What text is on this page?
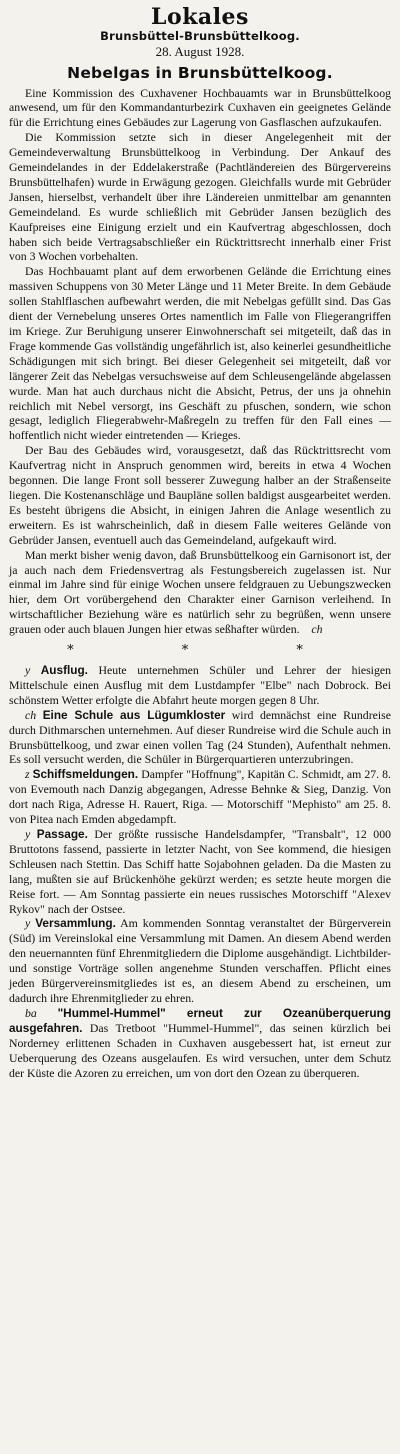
Lokales
Brunsbüttel-Brunsbüttelkoog.
28. August 1928.
Nebelgas in Brunsbüttelkoog.

Eine Kommission des Cuxhavener Hochbauamts war in Brunsbüttelkoog anwesend, um für den Kommandanturbezirk Cuxhaven ein geeignetes Gelände für die Errichtung eines Gebäudes zur Lagerung von Gasflaschen aufzukaufen.

Die Kommission setzte sich in dieser Angelegenheit mit der Gemeindeverwaltung Brunsbüttelkoog in Verbindung. Der Ankauf des Gemeindelandes in der Eddelakerstraße (Pachtländereien des Bürgervereins Brunsbüttelhafen) wurde in Erwägung gezogen. Gleichfalls wurde mit Gebrüder Jansen, hierselbst, verhandelt über ihre Ländereien unmittelbar am genannten Gemeindeland. Es wurde schließlich mit Gebrüder Jansen bezüglich des Kaufpreises eine Einigung erzielt und ein Kaufvertrag abgeschlossen, doch haben sich beide Vertragsabschließer ein Rücktrittsrecht innerhalb einer Frist von 3 Wochen vorbehalten.

Das Hochbauamt plant auf dem erworbenen Gelände die Errichtung eines massiven Schuppens von 30 Meter Länge und 11 Meter Breite. In dem Gebäude sollen Stahlflaschen aufbewahrt werden, die mit Nebelgas gefüllt sind. Das Gas dient der Vernebelung unseres Ortes namentlich im Falle von Fliegerangriffen im Kriege. Zur Beruhigung unserer Einwohnerschaft sei mitgeteilt, daß das in Frage kommende Gas vollständig ungefährlich ist, also keinerlei gesundheitliche Schädigungen mit sich bringt. Bei dieser Gelegenheit sei mitgeteilt, daß vor längerer Zeit das Nebelgas versuchsweise auf dem Schleusengelände abgelassen wurde. Man hat auch durchaus nicht die Absicht, Petrus, der uns ja ohnehin reichlich mit Nebel versorgt, ins Geschäft zu pfuschen, sondern, wie schon gesagt, lediglich Fliegerabwehr-Maßregeln zu treffen für den Fall eines — hoffentlich nicht wieder eintretenden — Krieges.

Der Bau des Gebäudes wird, vorausgesetzt, daß das Rücktrittsrecht vom Kaufvertrag nicht in Anspruch genommen wird, bereits in etwa 4 Wochen begonnen. Die lange Front soll besserer Zuwegung halber an der Straßenseite liegen. Die Kostenanschläge und Baupläne sollen baldigst ausgearbeitet werden. Es besteht übrigens die Absicht, in einigen Jahren die Anlage wesentlich zu erweitern. Es ist wahrscheinlich, daß in diesem Falle weiteres Gelände von Gebrüder Jansen, eventuell auch das Gemeindeland, aufgekauft wird.

Man merkt bisher wenig davon, daß Brunsbüttelkoog ein Garnisonort ist, der ja auch nach dem Friedensvertrag als Festungsbereich zugelassen ist. Nur einmal im Jahre sind für einige Wochen unsere feldgrauen zu Uebungszwecken hier, dem Ort vorübergehend den Charakter einer Garnison verleihend. In wirtschaftlicher Beziehung wäre es natürlich sehr zu begrüßen, wenn unsere grauen oder auch blauen Jungen hier etwas seßhafter würden. ch

* * *

y Ausflug. Heute unternehmen Schüler und Lehrer der hiesigen Mittelschule einen Ausflug mit dem Lustdampfer "Elbe" nach Dobrock. Bei schönstem Wetter erfolgte die Abfahrt heute morgen gegen 8 Uhr.

ch Eine Schule aus Lügumkloster wird demnächst eine Rundreise durch Dithmarschen unternehmen. Auf dieser Rundreise wird die Schule auch in Brunsbüttelkoog, und zwar einen vollen Tag (24 Stunden), Aufenthalt nehmen. Es soll versucht werden, die Schüler in Bürgerquartieren unterzubringen.

z Schiffsmeldungen. Dampfer "Hoffnung", Kapitän C. Schmidt, am 27. 8. von Evemouth nach Danzig abgegangen, Adresse Behnke & Sieg, Danzig. Von dort nach Riga, Adresse H. Rauert, Riga. — Motorschiff "Mephisto" am 25. 8. von Pitea nach Emden abgedampft.

y Passage. Der größte russische Handelsdampfer, "Transbalt", 12 000 Bruttotons fassend, passierte in letzter Nacht, von See kommend, die hiesigen Schleusen nach Stettin. Das Schiff hatte Sojabohnen geladen. Da die Masten zu lang, mußten sie auf Brückenhöhe gekürzt werden; es setzte heute morgen die Reise fort. — Am Sonntag passierte ein neues russisches Motorschiff "Alexev Rykov" nach der Ostsee.

y Versammlung. Am kommenden Sonntag veranstaltet der Bürgerverein (Süd) im Vereinslokal eine Versammlung mit Damen. An diesem Abend werden den neuernannten fünf Ehrenmitgliedern die Diplome ausgehändigt. Lichtbilder- und sonstige Vorträge sollen angenehme Stunden verschaffen. Pflicht eines jeden Bürgervereinsmitgliedes ist es, an diesem Abend zu erscheinen, um dadurch ihre Ehrenmitglieder zu ehren.

ba "Hummel-Hummel" erneut zur Ozeanüberquerung ausgefahren. Das Tretboot "Hummel-Hummel", das seinen kürzlich bei Norderney erlittenen Schaden in Cuxhaven ausgebessert hat, ist erneut zur Ueberquerung des Ozeans ausgelaufen. Es wird versuchen, unter dem Schutz der Küste die Azoren zu erreichen, um von dort den Ozean zu überqueren.
